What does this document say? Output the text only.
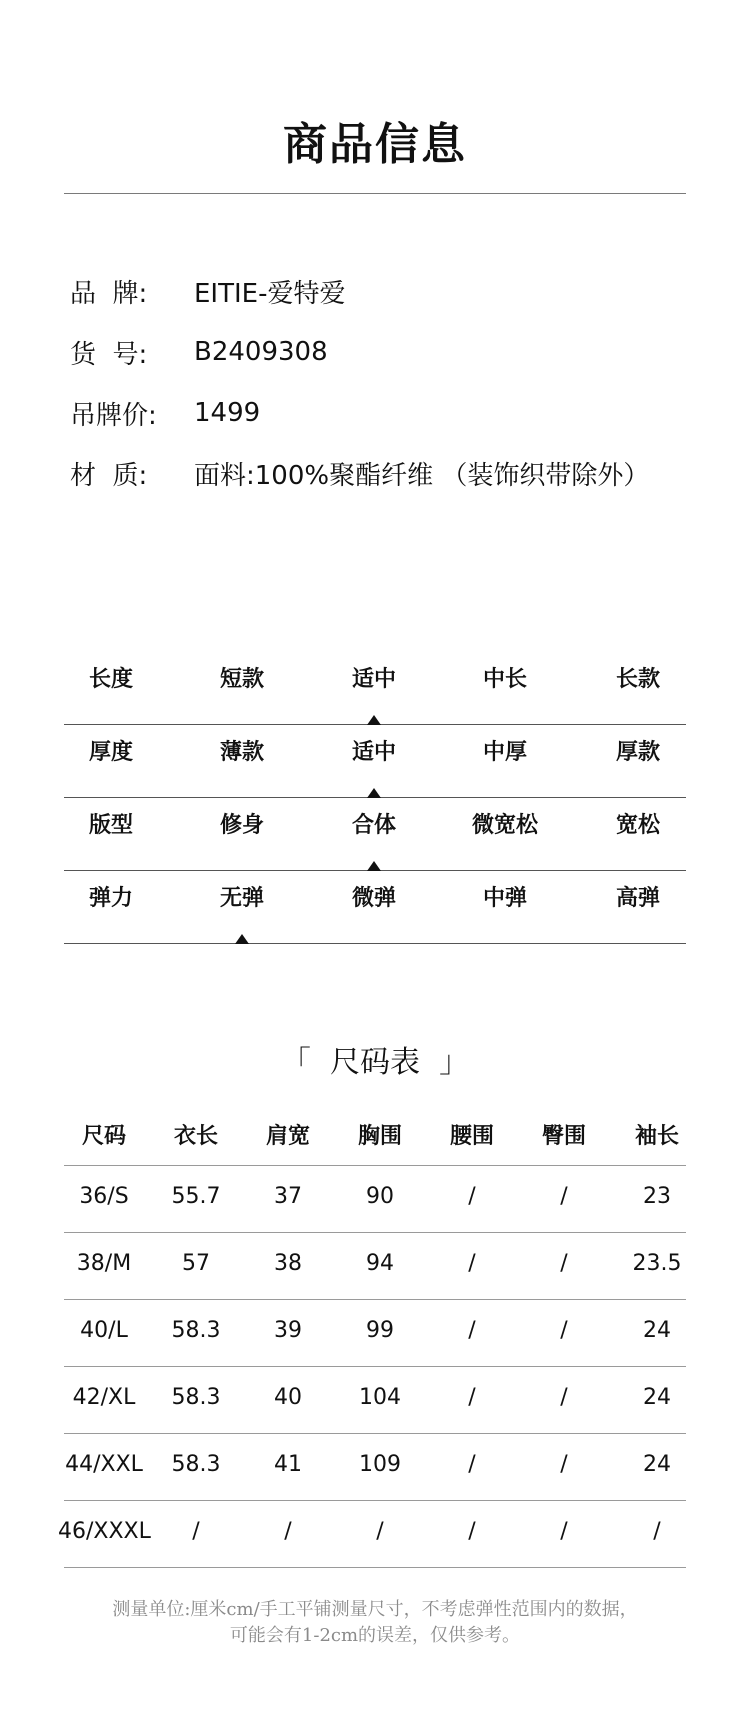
商品信息
品  牌:	EITIE-爱特爱
货  号:	B2409308
吊牌价:	1499
材  质:	面料:100%聚酯纤维 （装饰织带除外）
长度	短款	适中	中长	长款
厚度	薄款	适中	中厚	厚款
版型	修身	合体	微宽松	宽松
弹力	无弹	微弹	中弹	高弹
「  尺码表  」
尺码	衣长	肩宽	胸围	腰围	臀围	袖长
36/S	55.7	37	90	/	/	23
38/M	57	38	94	/	/	23.5
40/L	58.3	39	99	/	/	24
42/XL	58.3	40	104	/	/	24
44/XXL	58.3	41	109	/	/	24
46/XXXL	/	/	/	/	/	/
测量单位:厘米cm/手工平铺测量尺寸，不考虑弹性范围内的数据，
可能会有1-2cm的误差，仅供参考。
